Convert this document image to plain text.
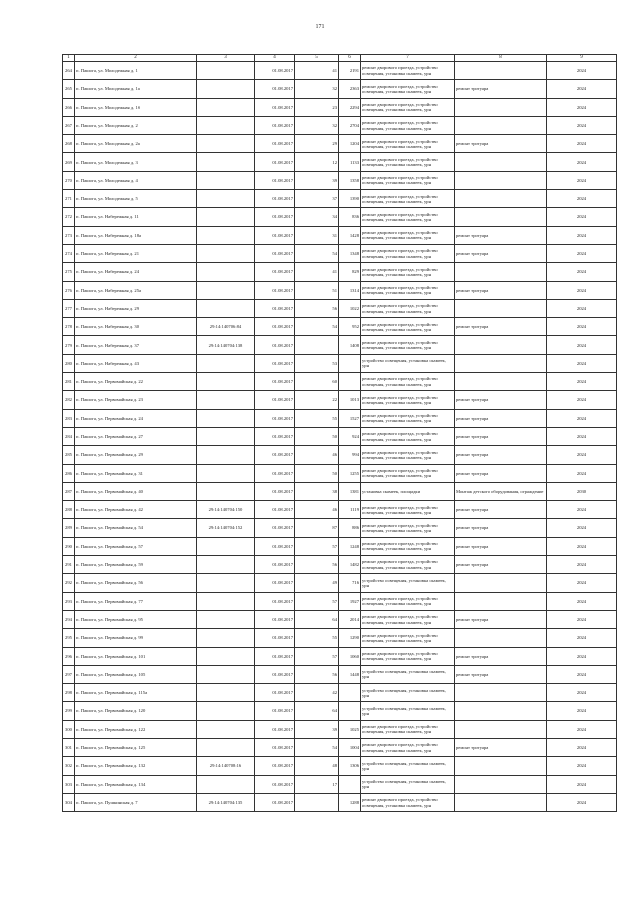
171
1	2	3	4	5	6	7	8	9
264	п. Пашога, ул. Молодежная д. 1		01.08.2017	41	2191	ремонт дворового проезда, устройство освещения, установка скамеек, урн		2024
265	п. Пашога, ул. Молодежная д. 1а		01.08.2017	32	2363	ремонт дворового проезда, устройство освещения, установка скамеек, урн	ремонт тротуара	2024
266	п. Пашога, ул. Молодежная д. 1б		01.08.2017	23	2294	ремонт дворового проезда, устройство освещения, установка скамеек, урн		2024
267	п. Пашога, ул. Молодежная д. 2		01.08.2017	32	2704	ремонт дворового проезда, устройство освещения, установка скамеек, урн		2024
268	п. Пашога, ул. Молодежная д. 2а		01.08.2017	29	1204	ремонт дворового проезда, устройство освещения, установка скамеек, урн	ремонт тротуара	2024
269	п. Пашога, ул. Молодежная д. 3		01.08.2017	12	1133	ремонт дворового проезда, устройство освещения, установка скамеек, урн		2024
270	п. Пашога, ул. Молодежная д. 4		01.08.2017	39	1358	ремонт дворового проезда, устройство освещения, установка скамеек, урн		2024
271	п. Пашога, ул. Молодежная д. 5		01.08.2017	37	1390	ремонт дворового проезда, устройство освещения, установка скамеек, урн		2024
272	п. Пашога, ул. Набережная д. 11		01.08.2017	34	836	ремонт дворового проезда, устройство освещения, установка скамеек, урн		2024
273	п. Пашога, ул. Набережная д. 18а		01.08.2017	31	1428	ремонт дворового проезда, устройство освещения, установка скамеек, урн	ремонт тротуара	2024
274	п. Пашога, ул. Набережная д. 21		01.08.2017	54	1348	ремонт дворового проезда, устройство освещения, установка скамеек, урн	ремонт тротуара	2024
275	п. Пашога, ул. Набережная д. 24		01.08.2017	41	829	ремонт дворового проезда, устройство освещения, установка скамеек, урн		2024
276	п. Пашога, ул. Набережная д. 25а		01.08.2017	51	1314	ремонт дворового проезда, устройство освещения, установка скамеек, урн	ремонт тротуара	2024
277	п. Пашога, ул. Набережная д. 29		01.08.2017	56	1022	ремонт дворового проезда, устройство освещения, установка скамеек, урн		2024
278	п. Пашога, ул. Набережная д. 30	29:14:140706:84	01.08.2017	54	952	ремонт дворового проезда, устройство освещения, установка скамеек, урн	ремонт тротуара	2024
279	п. Пашога, ул. Набережная д. 37	29:14:140704:138	01.08.2017		1408	ремонт дворового проезда, устройство освещения, установка скамеек, урн		2024
280	п. Пашога, ул. Набережная д. 43		01.08.2017	53		устройство освещения, установка скамеек, урн		2024
281	п. Пашога, ул. Первомайская д. 22		01.08.2017	60		ремонт дворового проезда, устройство освещения, установка скамеек, урн		2024
282	п. Пашога, ул. Первомайская д. 23		01.08.2017	22	1013	ремонт дворового проезда, устройство освещения, установка скамеек, урн	ремонт тротуара	2024
283	п. Пашога, ул. Первомайская д. 24		01.08.2017	55	1527	ремонт дворового проезда, устройство освещения, установка скамеек, урн	ремонт тротуара	2024
284	п. Пашога, ул. Первомайская д. 27		01.08.2017	50	924	ремонт дворового проезда, устройство освещения, установка скамеек, урн	ремонт тротуара	2024
285	п. Пашога, ул. Первомайская д. 29		01.08.2017	46	994	ремонт дворового проезда, устройство освещения, установка скамеек, урн	ремонт тротуара	2024
286	п. Пашога, ул. Первомайская д. 31		01.08.2017	50	1255	ремонт дворового проезда, устройство освещения, установка скамеек, урн	ремонт тротуара	2024
287	п. Пашога, ул. Первомайская д. 40		01.08.2017	38	1381	установка скамеек, площадки	Монтаж детского оборудования, ограждение	2030
288	п. Пашога, ул. Первомайская д. 42	29:14:140704:150	01.08.2017	46	1119	ремонт дворового проезда, устройство освещения, установка скамеек, урн	ремонт тротуара	2024
289	п. Пашога, ул. Первомайская д. 54	29:14:140704:152	01.08.2017	87	886	ремонт дворового проезда, устройство освещения, установка скамеек, урн	ремонт тротуара	2024
290	п. Пашога, ул. Первомайская д. 57		01.08.2017	57	1248	ремонт дворового проезда, устройство освещения, установка скамеек, урн	ремонт тротуара	2024
291	п. Пашога, ул. Первомайская д. 59		01.08.2017	56	1482	ремонт дворового проезда, устройство освещения, установка скамеек, урн	ремонт тротуара	2024
292	п. Пашога, ул. Первомайская д. 56		01.08.2017	49	716	устройство освещения, установка скамеек, урн		2024
293	п. Пашога, ул. Первомайская д. 77		01.08.2017	57	1927	ремонт дворового проезда, устройство освещения, установка скамеек, урн		2024
294	п. Пашога, ул. Первомайская д. 95		01.08.2017	64	2014	ремонт дворового проезда, устройство освещения, установка скамеек, урн	ремонт тротуара	2024
295	п. Пашога, ул. Первомайская д. 99		01.08.2017	55	1290	ремонт дворового проезда, устройство освещения, установка скамеек, урн		2024
296	п. Пашога, ул. Первомайская д. 101		01.08.2017	57	1060	ремонт дворового проезда, устройство освещения, установка скамеек, урн	ремонт тротуара	2024
297	п. Пашога, ул. Первомайская д. 105		01.08.2017	56	1448	устройство освещения, установка скамеек, урн	ремонт тротуара	2024
298	п. Пашога, ул. Первомайская д. 115а		01.08.2017	42		устройство освещения, установка скамеек, урн		2024
299	п. Пашога, ул. Первомайская д. 120		01.08.2017	64		устройство освещения, установка скамеек, урн		2024
300	п. Пашога, ул. Первомайская д. 122		01.08.2017	39	1025	ремонт дворового проезда, устройство освещения, установка скамеек, урн		2024
301	п. Пашога, ул. Первомайская д. 125		01.08.2017	54	1004	ремонт дворового проезда, устройство освещения, установка скамеек, урн	ремонт тротуара	2024
302	п. Пашога, ул. Первомайская д. 132	29:14:140708:16	01.08.2017	48	1306	устройство освещения, установка скамеек, урн		2024
303	п. Пашога, ул. Первомайская д. 134		01.08.2017	17		устройство освещения, установка скамеек, урн		2024
304	п. Пашога, ул. Пушкинская д. 7	29:14:140704:135	01.08.2017		1288	ремонт дворового проезда, устройство освещения, установка скамеек, урн		2024
